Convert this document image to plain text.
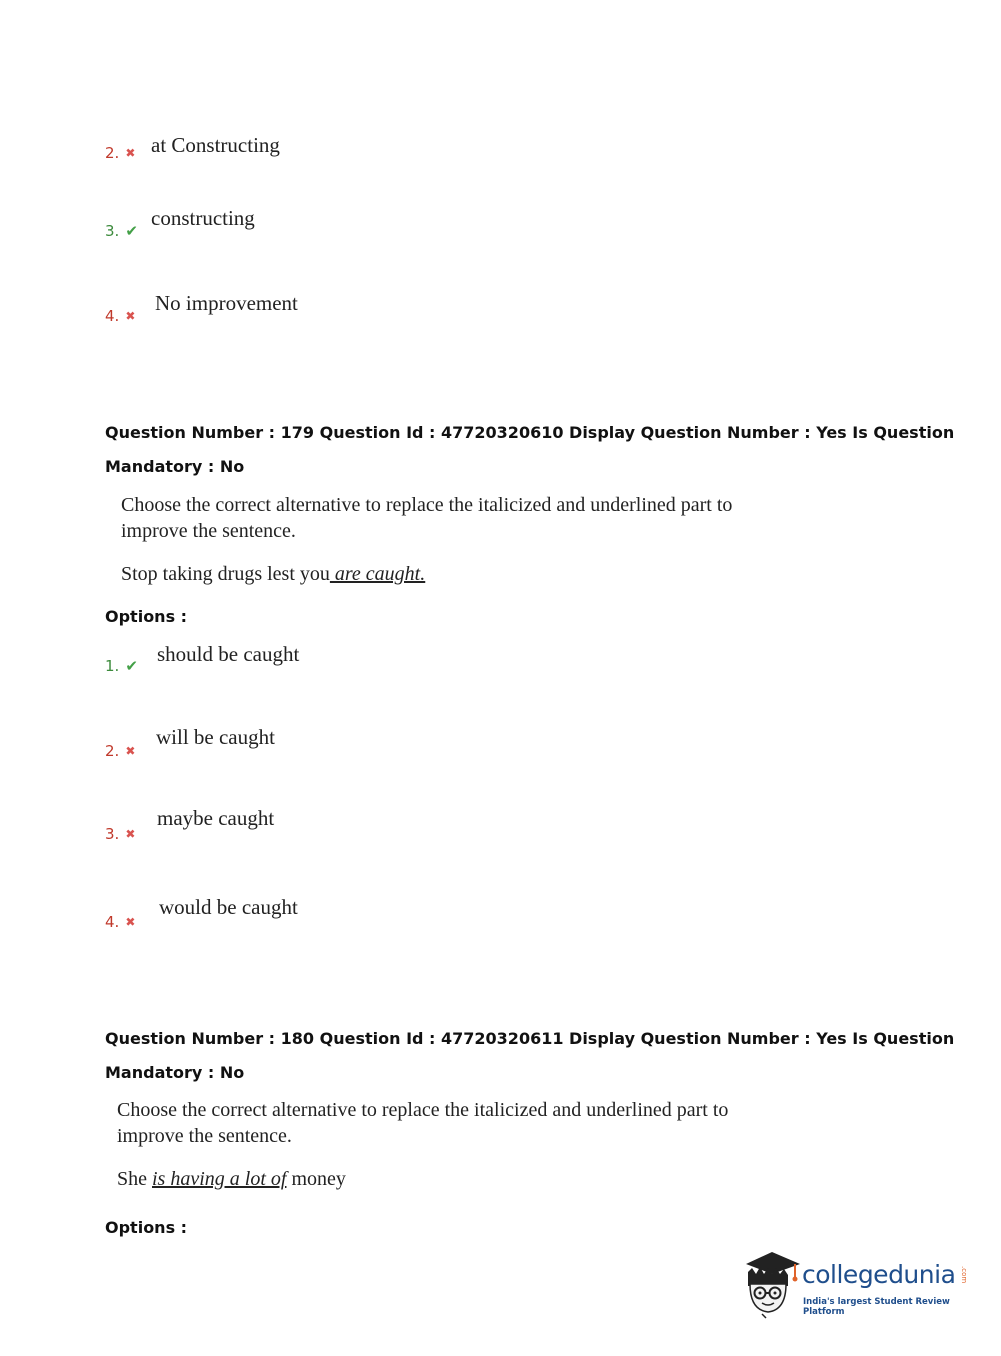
2. ✖ at Constructing
3. ✔
constructing
4. ✖
No improvement
Question Number : 179 Question Id : 47720320610 Display Question Number : Yes Is Question
Mandatory : No
Choose the correct alternative to replace the italicized and underlined part to
improve the sentence.
Stop taking drugs lest you are caught.
Options :
1. ✔ should be caught
2. ✖
will be caught
3. ✖
maybe caught
4. ✖
would be caught
Question Number : 180 Question Id : 47720320611 Display Question Number : Yes Is Question
Mandatory : No
Choose the correct alternative to replace the italicized and underlined part to
improve the sentence.
She is having a lot of money
Options :
collegedunia .com
India's largest Student Review Platform
